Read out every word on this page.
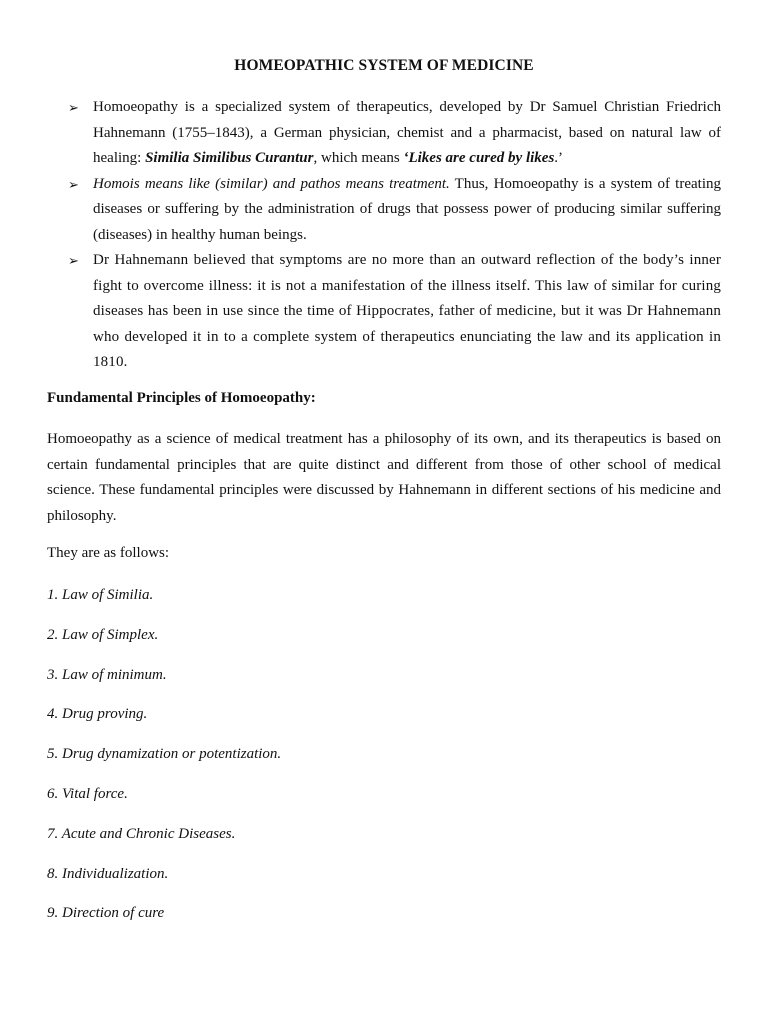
HOMEOPATHIC SYSTEM OF MEDICINE
➢ Homoeopathy is a specialized system of therapeutics, developed by Dr Samuel Christian Friedrich Hahnemann (1755–1843), a German physician, chemist and a pharmacist, based on natural law of healing: Similia Similibus Curantur, which means ‘Likes are cured by likes.’
➢ Homois means like (similar) and pathos means treatment. Thus, Homoeopathy is a system of treating diseases or suffering by the administration of drugs that possess power of producing similar suffering (diseases) in healthy human beings.
➢ Dr Hahnemann believed that symptoms are no more than an outward reflection of the body’s inner fight to overcome illness: it is not a manifestation of the illness itself. This law of similar for curing diseases has been in use since the time of Hippocrates, father of medicine, but it was Dr Hahnemann who developed it in to a complete system of therapeutics enunciating the law and its application in 1810.
Fundamental Principles of Homoeopathy:

Homoeopathy as a science of medical treatment has a philosophy of its own, and its therapeutics is based on certain fundamental principles that are quite distinct and different from those of other school of medical science. These fundamental principles were discussed by Hahnemann in different sections of his medicine and philosophy.

They are as follows:
1. Law of Similia.
2. Law of Simplex.
3. Law of minimum.
4. Drug proving.
5. Drug dynamization or potentization.
6. Vital force.
7. Acute and Chronic Diseases.
8. Individualization.
9. Direction of cure
